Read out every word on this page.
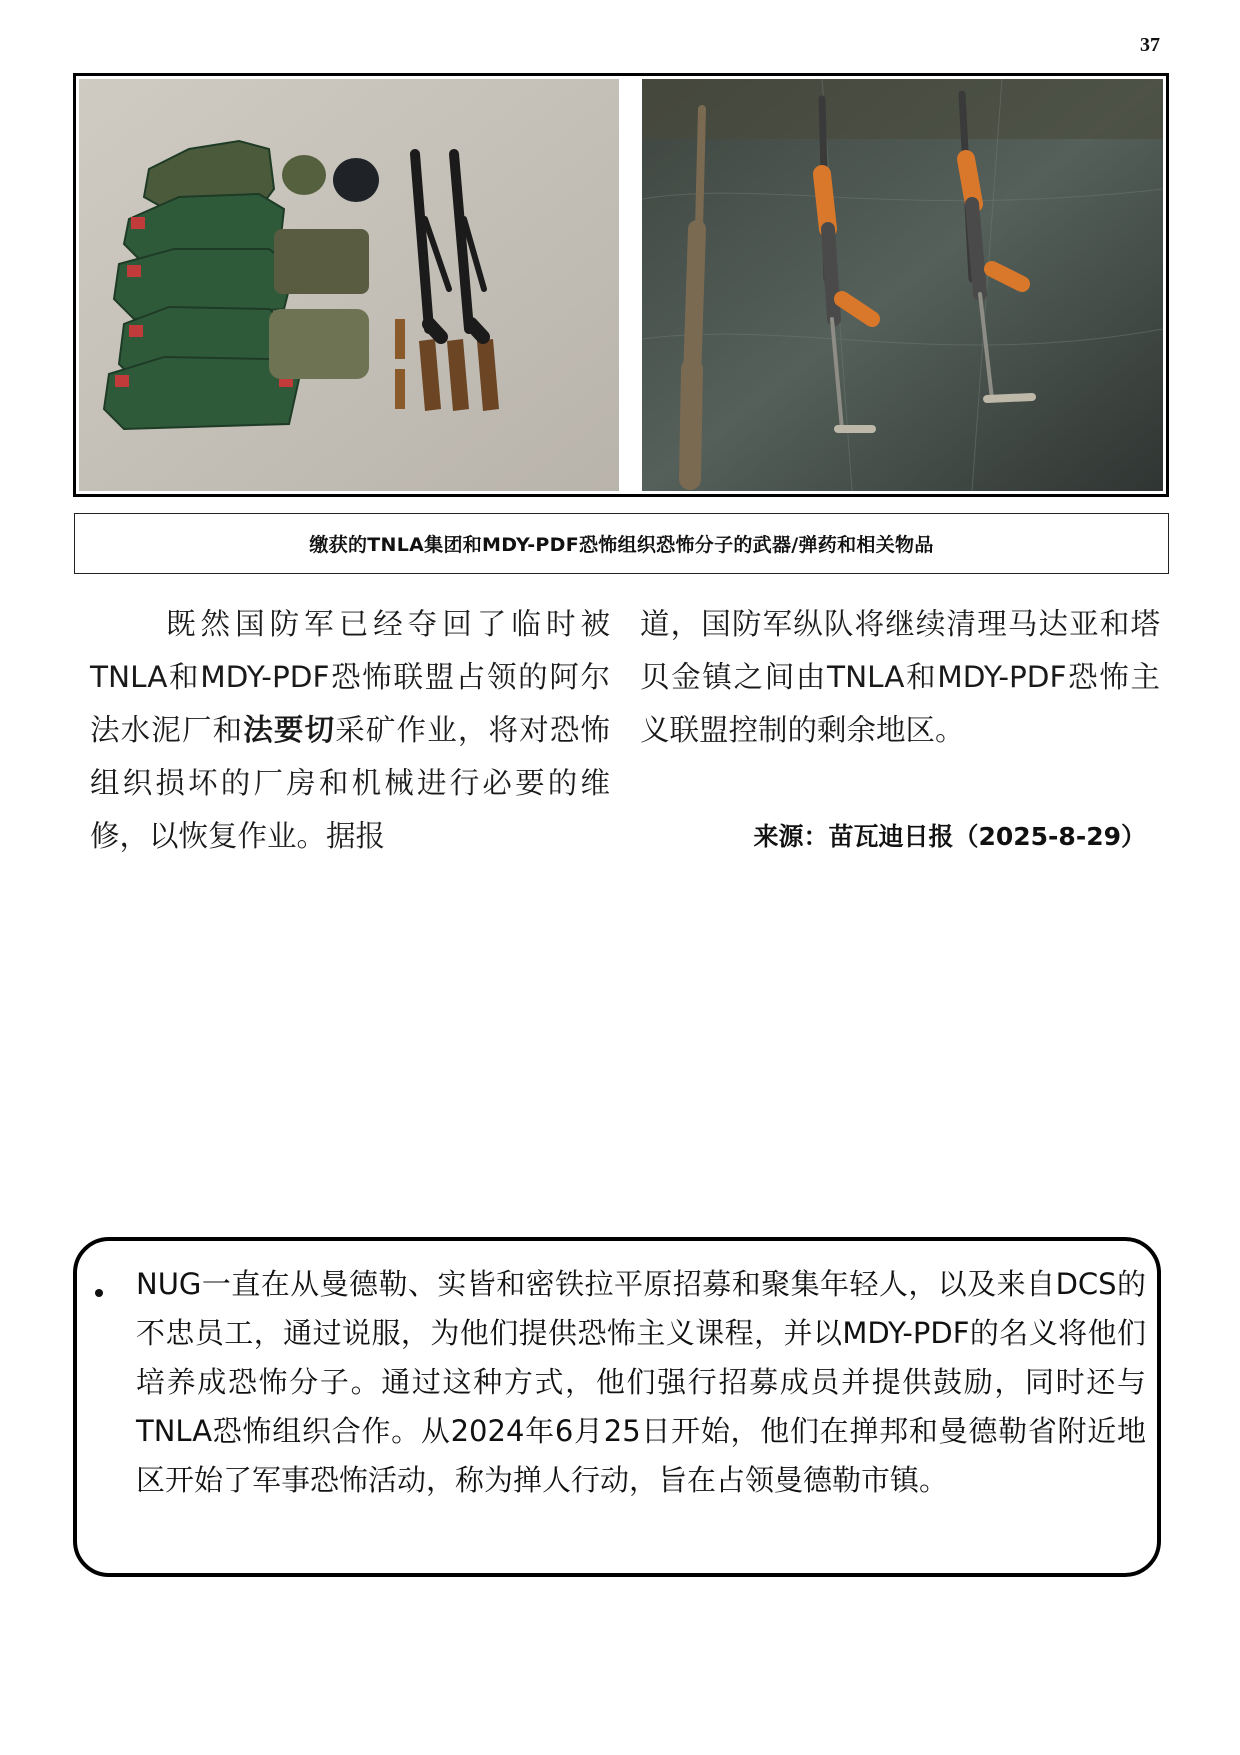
37
缴获的TNLA集团和MDY-PDF恐怖组织恐怖分子的武器/弹药和相关物品

既然国防军已经夺回了临时被TNLA和MDY-PDF恐怖联盟占领的阿尔法水泥厂和法要切采矿作业，将对恐怖组织损坏的厂房和机械进行必要的维修，以恢复作业。据报

道，国防军纵队将继续清理马达亚和塔贝金镇之间由TNLA和MDY-PDF恐怖主义联盟控制的剩余地区。

来源：苗瓦迪日报（2025-8-29）

NUG一直在从曼德勒、实皆和密铁拉平原招募和聚集年轻人，以及来自DCS的不忠员工，通过说服，为他们提供恐怖主义课程，并以MDY-PDF的名义将他们培养成恐怖分子。通过这种方式，他们强行招募成员并提供鼓励，同时还与TNLA恐怖组织合作。从2024年6月25日开始，他们在掸邦和曼德勒省附近地区开始了军事恐怖活动，称为掸人行动，旨在占领曼德勒市镇。
